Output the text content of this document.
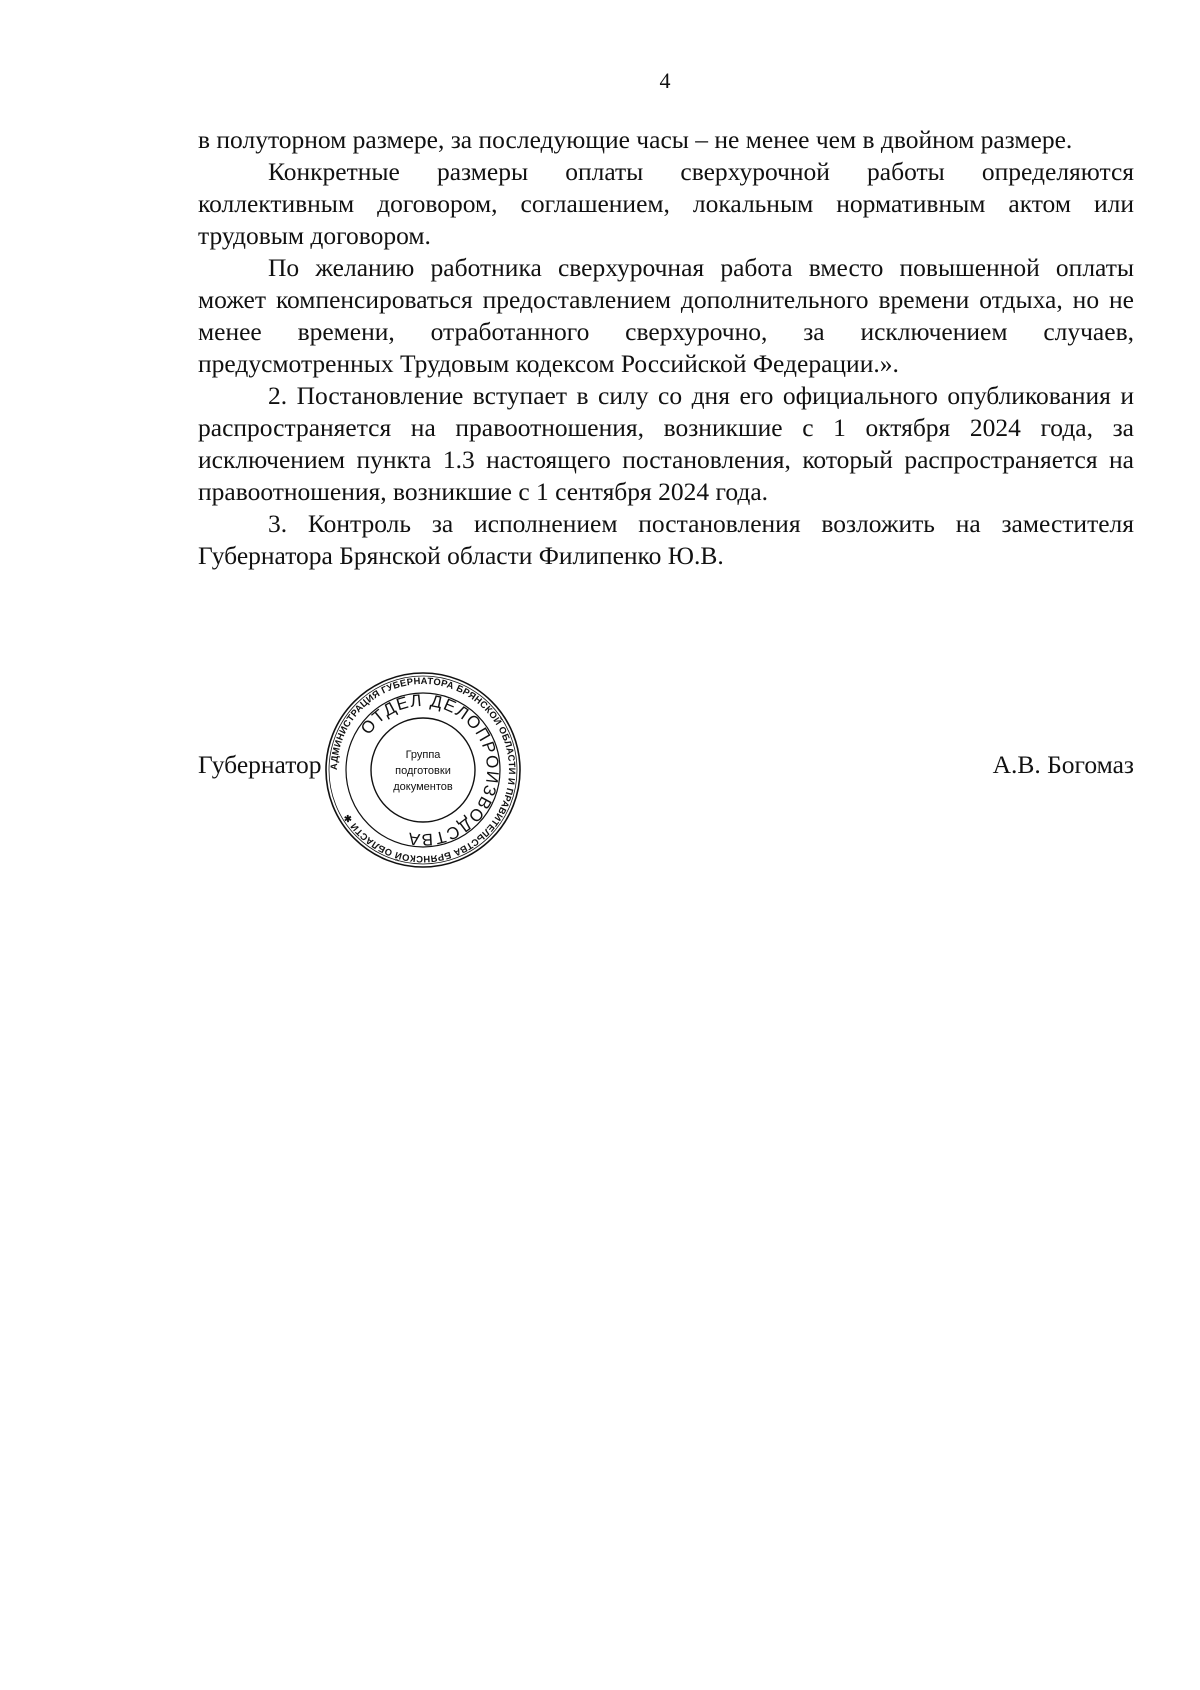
4

в полуторном размере, за последующие часы – не менее чем в двойном размере.

Конкретные размеры оплаты сверхурочной работы определяются коллективным договором, соглашением, локальным нормативным актом или трудовым договором.

По желанию работника сверхурочная работа вместо повышенной оплаты может компенсироваться предоставлением дополнительного времени отдыха, но не менее времени, отработанного сверхурочно, за исключением случаев, предусмотренных Трудовым кодексом Российской Федерации.».

2. Постановление вступает в силу со дня его официального опубликования и распространяется на правоотношения, возникшие с 1 октября 2024 года, за исключением пункта 1.3 настоящего постановления, который распространяется на правоотношения, возникшие с 1 сентября 2024 года.

3. Контроль за исполнением постановления возложить на заместителя Губернатора Брянской области Филипенко Ю.В.

Губернатор	А.В. Богомаз
АДМИНИСТРАЦИЯ ГУБЕРНАТОРА БРЯНСКОЙ ОБЛАСТИ И ПРАВИТЕЛЬСТВА БРЯНСКОЙ ОБЛАСТИ ✱
ОТДЕЛ ДЕЛОПРОИЗВОДСТВА
Группа
подготовки
документов
